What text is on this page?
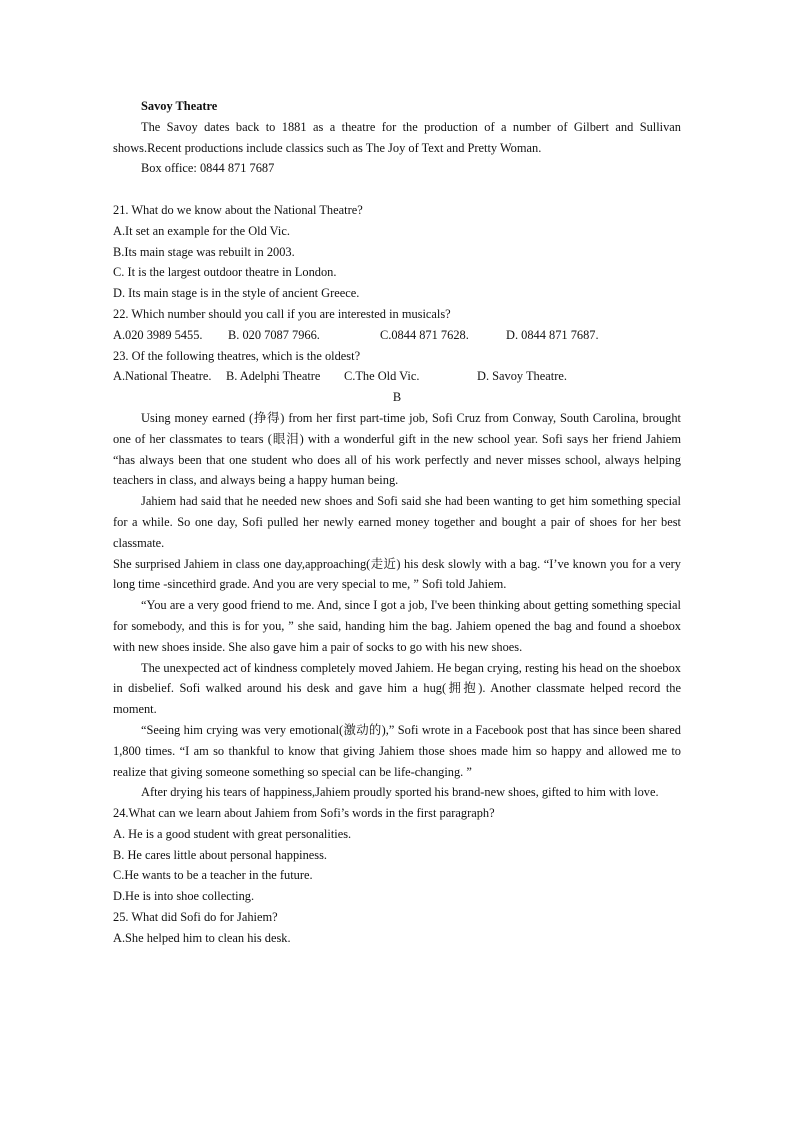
Savoy Theatre

The Savoy dates back to 1881 as a theatre for the production of a number of Gilbert and Sullivan shows.Recent productions include classics such as The Joy of Text and Pretty Woman.

Box office: 0844 871 7687

21. What do we know about the National Theatre?

A.It set an example for the Old Vic.

B.Its main stage was rebuilt in 2003.

C. It is the largest outdoor theatre in London.

D. Its main stage is in the style of ancient Greece.

22. Which number should you call if you are interested in musicals?

A.020 3989 5455.	B. 020 7087 7966.	C.0844 871 7628.	D. 0844 871 7687.

23. Of the following theatres, which is the oldest?

A.National Theatre.	B. Adelphi Theatre	C.The Old Vic.	D. Savoy Theatre.

B

Using money earned (挣得) from her first part-time job, Sofi Cruz from Conway, South Carolina, brought one of her classmates to tears (眼泪) with a wonderful gift in the new school year. Sofi says her friend Jahiem “has always been that one student who does all of his work perfectly and never misses school, always helping teachers in class, and always being a happy human being.

Jahiem had said that he needed new shoes and Sofi said she had been wanting to get him something special for a while. So one day, Sofi pulled her newly earned money together and bought a pair of shoes for her best classmate.

She surprised Jahiem in class one day,approaching(走近) his desk slowly with a bag. “I’ve known you for a very long time -sincethird grade. And you are very special to me, ” Sofi told Jahiem.

“You are a very good friend to me. And, since I got a job, I've been thinking about getting something special for somebody, and this is for you, ” she said, handing him the bag. Jahiem opened the bag and found a shoebox with new shoes inside. She also gave him a pair of socks to go with his new shoes.

The unexpected act of kindness completely moved Jahiem. He began crying, resting his head on the shoebox in disbelief. Sofi walked around his desk and gave him a hug(拥抱). Another classmate helped record the moment.

“Seeing him crying was very emotional(激动的),” Sofi wrote in a Facebook post that has since been shared 1,800 times. “I am so thankful to know that giving Jahiem those shoes made him so happy and allowed me to realize that giving someone something so special can be life-changing. ”

After drying his tears of happiness,Jahiem proudly sported his brand-new shoes, gifted to him with love.

24.What can we learn about Jahiem from Sofi’s words in the first paragraph?

A. He is a good student with great personalities.

B. He cares little about personal happiness.

C.He wants to be a teacher in the future.

D.He is into shoe collecting.

25. What did Sofi do for Jahiem?

A.She helped him to clean his desk.
